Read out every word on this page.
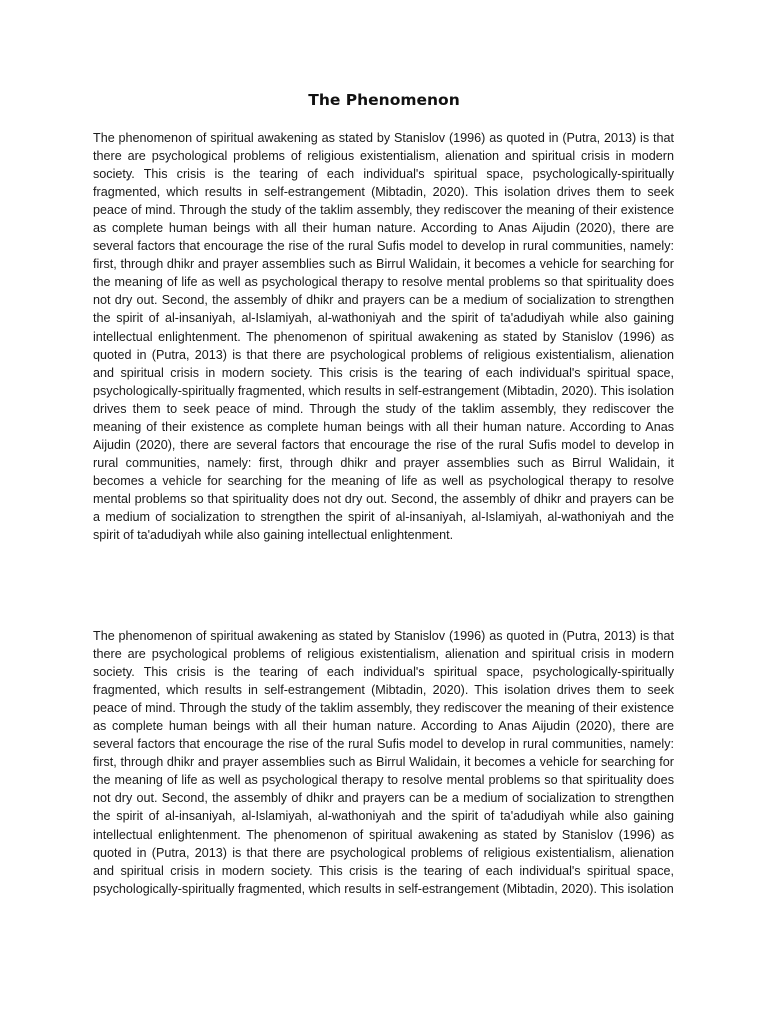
The Phenomenon

The phenomenon of spiritual awakening as stated by Stanislov (1996) as quoted in (Putra, 2013) is that there are psychological problems of religious existentialism, alienation and spiritual crisis in modern society. This crisis is the tearing of each individual's spiritual space, psychologically-spiritually fragmented, which results in self-estrangement (Mibtadin, 2020). This isolation drives them to seek peace of mind. Through the study of the taklim assembly, they rediscover the meaning of their existence as complete human beings with all their human nature. According to Anas Aijudin (2020), there are several factors that encourage the rise of the rural Sufis model to develop in rural communities, namely: first, through dhikr and prayer assemblies such as Birrul Walidain, it becomes a vehicle for searching for the meaning of life as well as psychological therapy to resolve mental problems so that spirituality does not dry out. Second, the assembly of dhikr and prayers can be a medium of socialization to strengthen the spirit of al-insaniyah, al-Islamiyah, al-wathoniyah and the spirit of ta'adudiyah while also gaining intellectual enlightenment. The phenomenon of spiritual awakening as stated by Stanislov (1996) as quoted in (Putra, 2013) is that there are psychological problems of religious existentialism, alienation and spiritual crisis in modern society. This crisis is the tearing of each individual's spiritual space, psychologically-spiritually fragmented, which results in self-estrangement (Mibtadin, 2020). This isolation drives them to seek peace of mind. Through the study of the taklim assembly, they rediscover the meaning of their existence as complete human beings with all their human nature. According to Anas Aijudin (2020), there are several factors that encourage the rise of the rural Sufis model to develop in rural communities, namely: first, through dhikr and prayer assemblies such as Birrul Walidain, it becomes a vehicle for searching for the meaning of life as well as psychological therapy to resolve mental problems so that spirituality does not dry out. Second, the assembly of dhikr and prayers can be a medium of socialization to strengthen the spirit of al-insaniyah, al-Islamiyah, al-wathoniyah and the spirit of ta'adudiyah while also gaining intellectual enlightenment.

The phenomenon of spiritual awakening as stated by Stanislov (1996) as quoted in (Putra, 2013) is that there are psychological problems of religious existentialism, alienation and spiritual crisis in modern society. This crisis is the tearing of each individual's spiritual space, psychologically-spiritually fragmented, which results in self-estrangement (Mibtadin, 2020). This isolation drives them to seek peace of mind. Through the study of the taklim assembly, they rediscover the meaning of their existence as complete human beings with all their human nature. According to Anas Aijudin (2020), there are several factors that encourage the rise of the rural Sufis model to develop in rural communities, namely: first, through dhikr and prayer assemblies such as Birrul Walidain, it becomes a vehicle for searching for the meaning of life as well as psychological therapy to resolve mental problems so that spirituality does not dry out. Second, the assembly of dhikr and prayers can be a medium of socialization to strengthen the spirit of al-insaniyah, al-Islamiyah, al-wathoniyah and the spirit of ta'adudiyah while also gaining intellectual enlightenment. The phenomenon of spiritual awakening as stated by Stanislov (1996) as quoted in (Putra, 2013) is that there are psychological problems of religious existentialism, alienation and spiritual crisis in modern society. This crisis is the tearing of each individual's spiritual space, psychologically-spiritually fragmented, which results in self-estrangement (Mibtadin, 2020). This isolation
